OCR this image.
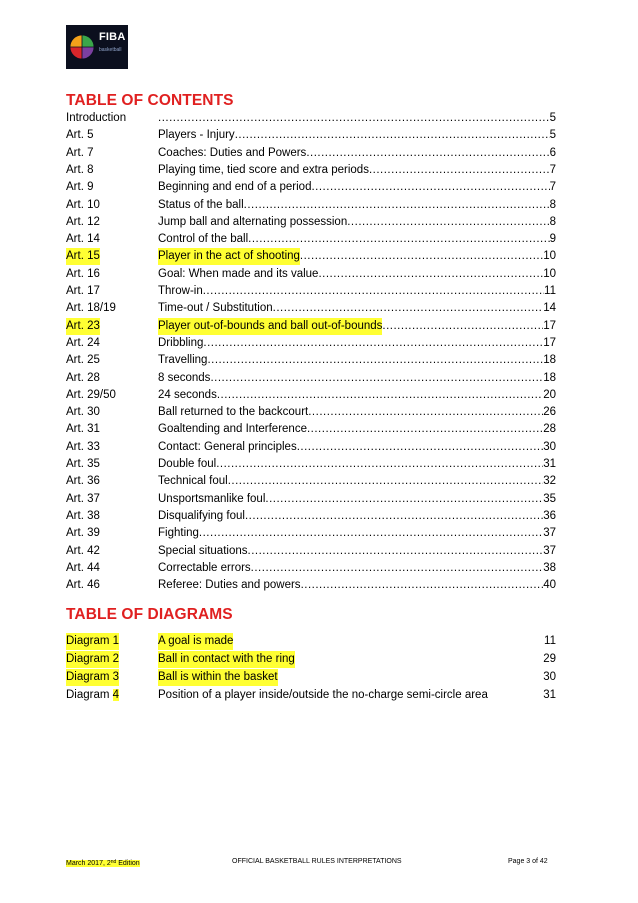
FIBA
basketball
TABLE OF CONTENTS
Introduction .....	5
Art. 5	Players - Injury .....	5
Art. 7	Coaches: Duties and Powers .....	6
Art. 8	Playing time, tied score and extra periods .....	7
Art. 9	Beginning and end of a period .....	7
Art. 10	Status of the ball .....	8
Art. 12	Jump ball and alternating possession .....	8
Art. 14	Control of the ball .....	9
Art. 15	Player in the act of shooting .....	10
Art. 16	Goal: When made and its value .....	10
Art. 17	Throw-in .....	11
Art. 18/19	Time-out / Substitution .....	14
Art. 23	Player out-of-bounds and ball out-of-bounds .....	17
Art. 24	Dribbling .....	17
Art. 25	Travelling .....	18
Art. 28	8 seconds .....	18
Art. 29/50	24 seconds .....	20
Art. 30	Ball returned to the backcourt .....	26
Art. 31	Goaltending and Interference .....	28
Art. 33	Contact: General principles .....	30
Art. 35	Double foul .....	31
Art. 36	Technical foul .....	32
Art. 37	Unsportsmanlike foul .....	35
Art. 38	Disqualifying foul .....	36
Art. 39	Fighting .....	37
Art. 42	Special situations .....	37
Art. 44	Correctable errors .....	38
Art. 46	Referee: Duties and powers .....	40
TABLE OF DIAGRAMS
Diagram 1	A goal is made	11
Diagram 2	Ball in contact with the ring	29
Diagram 3	Ball is within the basket	30
Diagram 4	Position of a player inside/outside the no-charge semi-circle area	31
March 2017, 2nd Edition	OFFICIAL BASKETBALL RULES INTERPRETATIONS	Page 3 of 42
